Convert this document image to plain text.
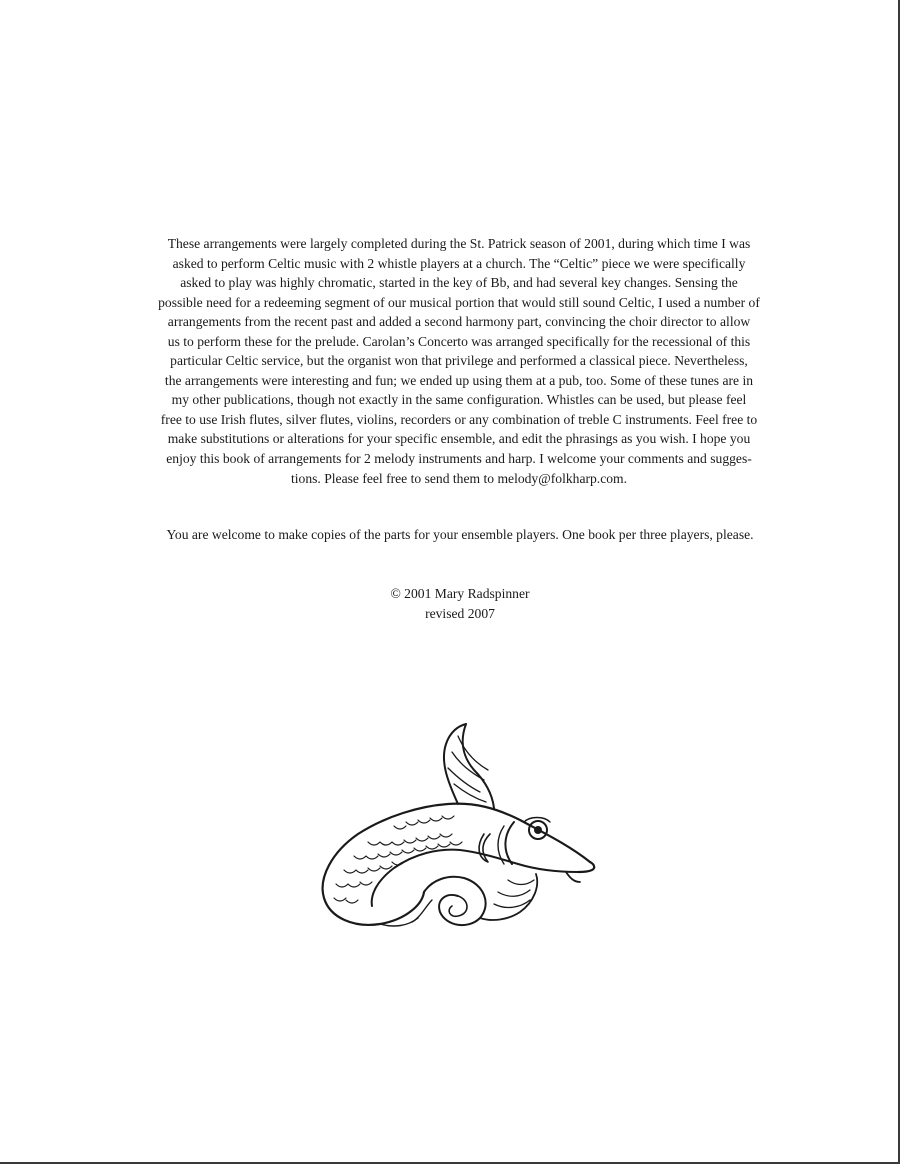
These arrangements were largely completed during the St. Patrick season of 2001, during which time I was
asked to perform Celtic music with 2 whistle players at a church. The “Celtic” piece we were specifically
asked to play was highly chromatic, started in the key of Bb, and had several key changes. Sensing the
possible need for a redeeming segment of our musical portion that would still sound Celtic, I used a number of
arrangements from the recent past and added a second harmony part, convincing the choir director to allow
us to perform these for the prelude. Carolan’s Concerto was arranged specifically for the recessional of this
particular Celtic service, but the organist won that privilege and performed a classical piece. Nevertheless,
the arrangements were interesting and fun; we ended up using them at a pub, too. Some of these tunes are in
my other publications, though not exactly in the same configuration. Whistles can be used, but please feel
free to use Irish flutes, silver flutes, violins, recorders or any combination of treble C instruments. Feel free to
make substitutions or alterations for your specific ensemble, and edit the phrasings as you wish. I hope you
enjoy this book of arrangements for 2 melody instruments and harp. I welcome your comments and sugges-
tions. Please feel free to send them to melody@folkharp.com.

You are welcome to make copies of the parts for your ensemble players. One book per three players, please.
© 2001 Mary Radspinner
revised 2007
